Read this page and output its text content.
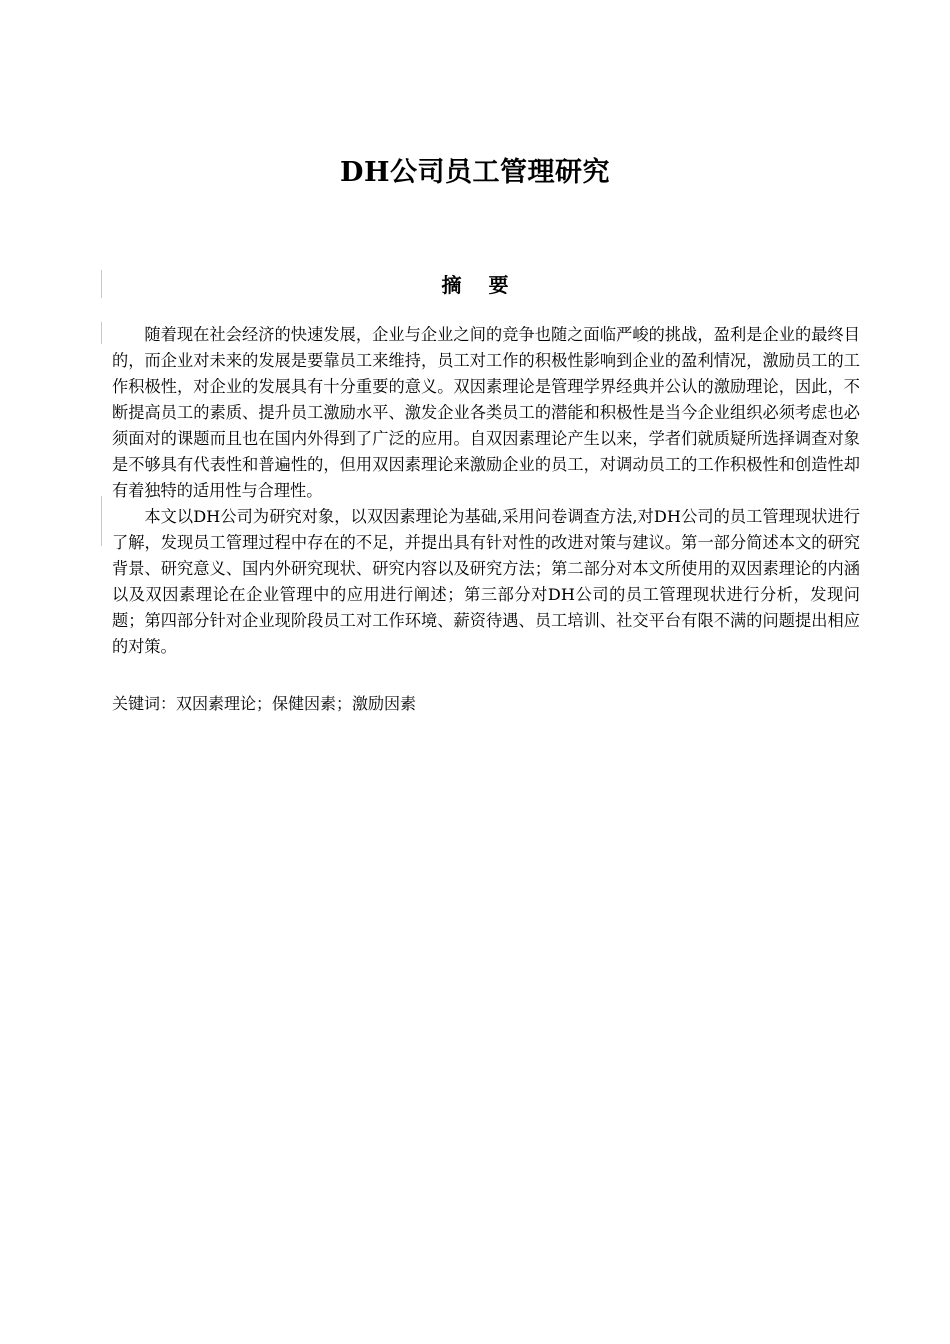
DH公司员工管理研究
摘 要

随着现在社会经济的快速发展，企业与企业之间的竞争也随之面临严峻的挑战，盈利是企业的最终目的，而企业对未来的发展是要靠员工来维持，员工对工作的积极性影响到企业的盈利情况，激励员工的工作积极性，对企业的发展具有十分重要的意义。双因素理论是管理学界经典并公认的激励理论，因此，不断提高员工的素质、提升员工激励水平、激发企业各类员工的潜能和积极性是当今企业组织必须考虑也必须面对的课题而且也在国内外得到了广泛的应用。自双因素理论产生以来，学者们就质疑所选择调查对象是不够具有代表性和普遍性的，但用双因素理论来激励企业的员工，对调动员工的工作积极性和创造性却有着独特的适用性与合理性。

本文以DH公司为研究对象，以双因素理论为基础,采用问卷调查方法,对DH公司的员工管理现状进行了解，发现员工管理过程中存在的不足，并提出具有针对性的改进对策与建议。第一部分简述本文的研究背景、研究意义、国内外研究现状、研究内容以及研究方法；第二部分对本文所使用的双因素理论的内涵以及双因素理论在企业管理中的应用进行阐述；第三部分对DH公司的员工管理现状进行分析，发现问题；第四部分针对企业现阶段员工对工作环境、薪资待遇、员工培训、社交平台有限不满的问题提出相应的对策。

关键词：双因素理论；保健因素；激励因素
